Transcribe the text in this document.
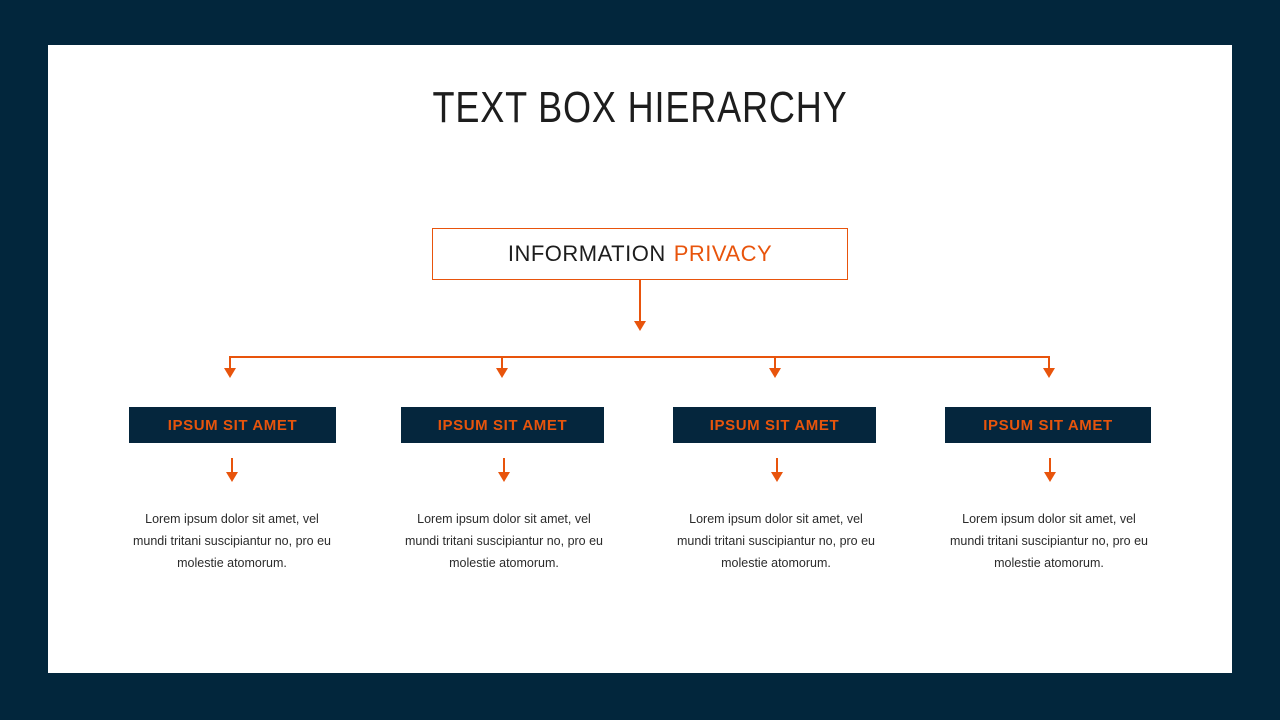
TEXT BOX HIERARCHY
INFORMATION PRIVACY
IPSUM SIT AMET	IPSUM SIT AMET	IPSUM SIT AMET	IPSUM SIT AMET
Lorem ipsum dolor sit amet, vel mundi tritani suscipiantur no, pro eu molestie atomorum.
Lorem ipsum dolor sit amet, vel mundi tritani suscipiantur no, pro eu molestie atomorum.
Lorem ipsum dolor sit amet, vel mundi tritani suscipiantur no, pro eu molestie atomorum.
Lorem ipsum dolor sit amet, vel mundi tritani suscipiantur no, pro eu molestie atomorum.
